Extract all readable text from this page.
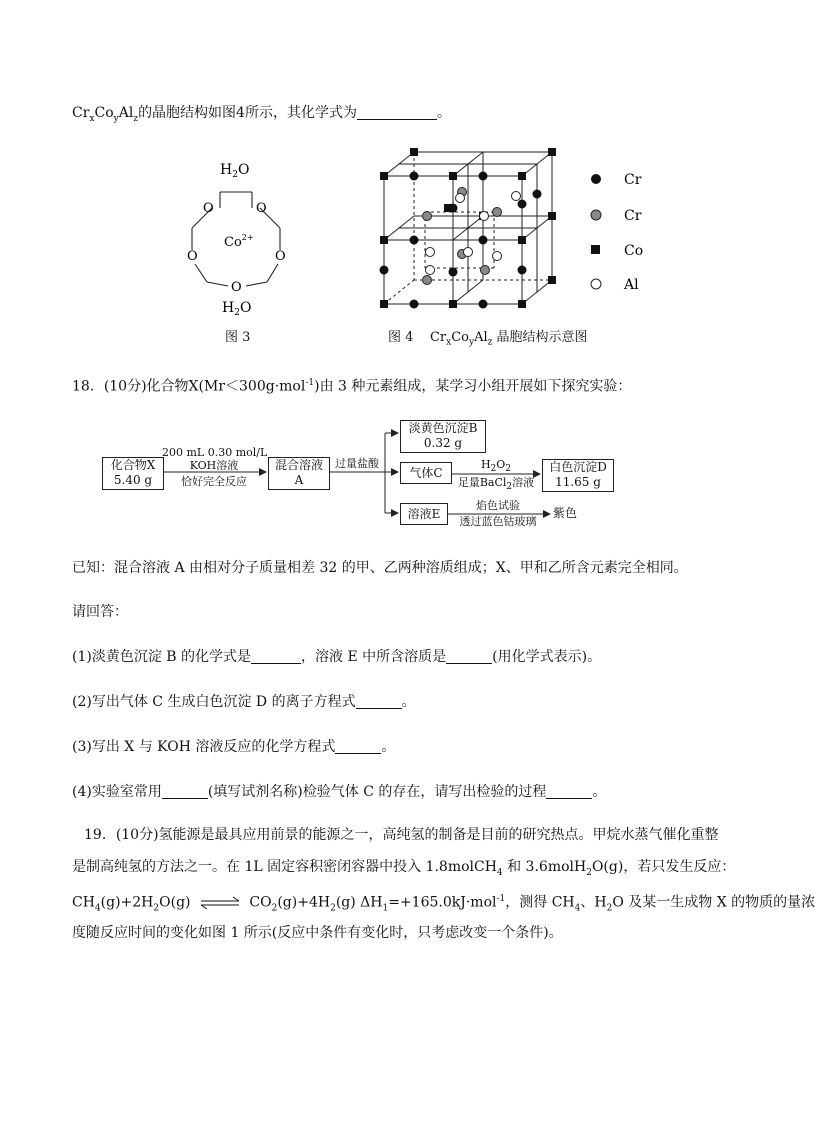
$Cr_xCo_yAl_z$的晶胞结构如图4所示，其化学式为	。
$H_2O$
O	O
O	O
O
$Co^{2+}$
$H_2O$
图 3
Cr
Cr
Co
Al
图 4 $Cr_xCo_yAl_z$ 晶胞结构示意图
18．(10分)化合物X(Mr＜300g·mol$^{-1}$)由 3 种元素组成，某学习小组开展如下探究实验：
化合物X
5.40 g
200 mL 0.30 mol/L
KOH溶液
恰好完全反应
混合溶液
A
过量盐酸
淡黄色沉淀B
0.32 g
气体C
$H_2O_2$
足量BaCl$_2$溶液
白色沉淀D
11.65 g
溶液E
焰色试验
透过蓝色钴玻璃
紫色
已知：混合溶液 A 由相对分子质量相差 32 的甲、乙两种溶质组成；X、甲和乙所含元素完全相同。
请回答：
(1)淡黄色沉淀 B 的化学式是	，溶液 E 中所含溶质是	(用化学式表示)。
(2)写出气体 C 生成白色沉淀 D 的离子方程式	。
(3)写出 X 与 KOH 溶液反应的化学方程式	。
(4)实验室常用	(填写试剂名称)检验气体 C 的存在，请写出检验的过程	。
19．(10分)氢能源是最具应用前景的能源之一，高纯氢的制备是目前的研究热点。甲烷水蒸气催化重整
是制高纯氢的方法之一。在 1L 固定容积密闭容器中投入 1.8molCH$_4$ 和 3.6molH$_2$O(g)，若只发生反应：
$CH_4(g)+2H_2O(g)$ ⇌ $CO_2(g)+4H_2(g)$ $\Delta H_1=+165.0kJ\cdot mol^{-1}$，测得 $CH_4$、$H_2O$ 及某一生成物 X 的物质的量浓
度随反应时间的变化如图 1 所示(反应中条件有变化时，只考虑改变一个条件)。
